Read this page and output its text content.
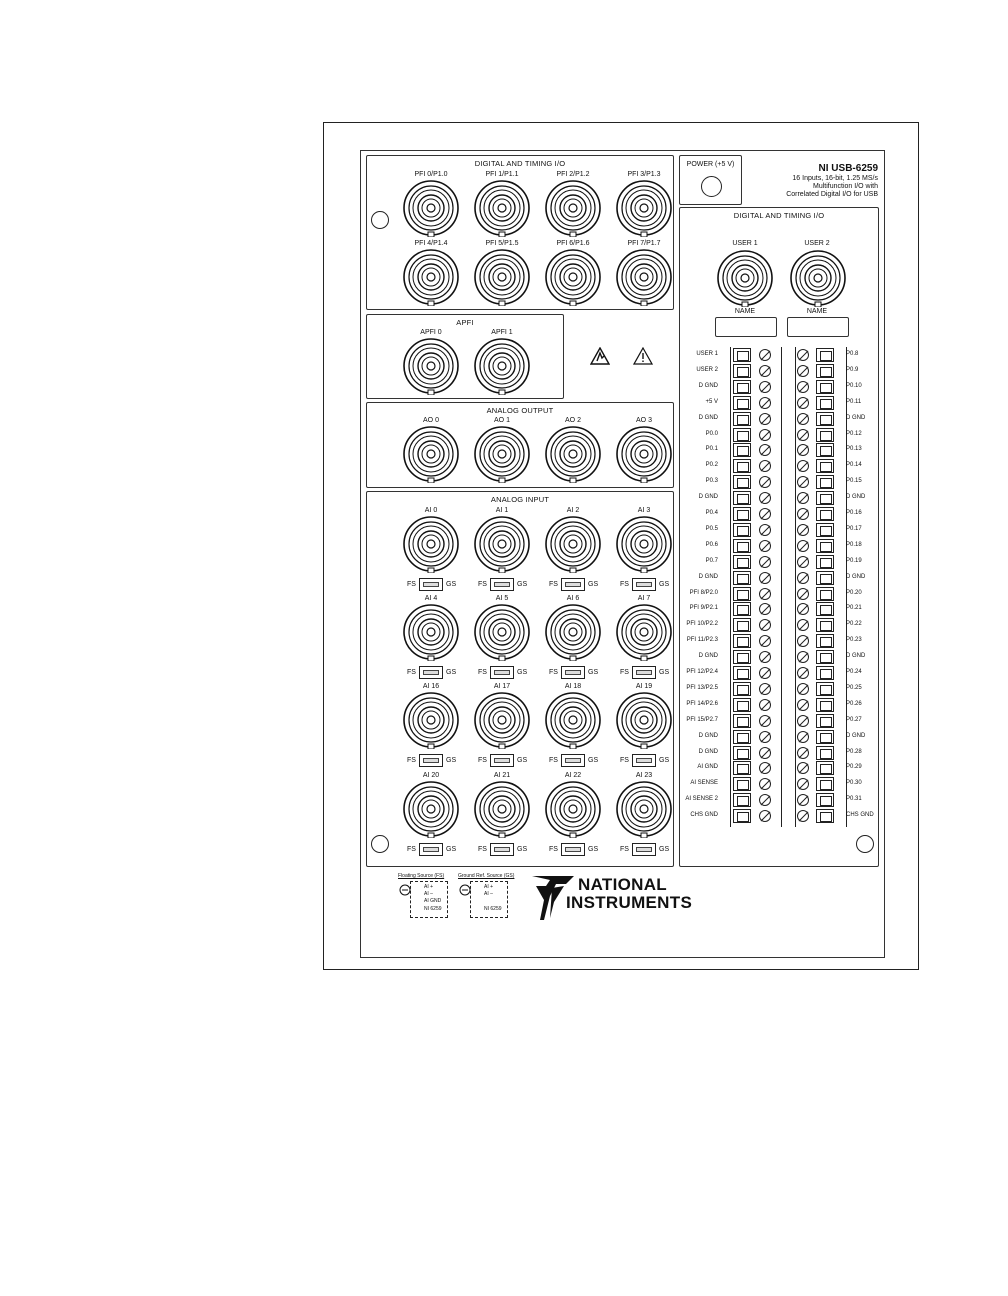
DIGITAL AND TIMING I/O	POWER (+5 V)	NI USB-6259
16 Inputs, 16-bit, 1.25 MS/s
Multifunction I/O with
Correlated Digital I/O for USB
APFI
ANALOG OUTPUT
ANALOG INPUT
DIGITAL AND TIMING I/O
USER 1	USER 2
NAME	NAME
Floating Source (FS)
AI +
AI –
AI GND
NI 6259
Ground Ref. Source (GS)
AI +
AI –
NI 6259
NATIONAL
INSTRUMENTS
PFI 0/P1.0	PFI 1/P1.1	PFI 2/P1.2	PFI 3/P1.3
PFI 4/P1.4	PFI 5/P1.5	PFI 6/P1.6	PFI 7/P1.7
APFI 0	APFI 1
AO 0	AO 1	AO 2	AO 3
AI 0
FS	GS
AI 1
FS	GS
AI 2
FS	GS
AI 3
FS	GS
AI 4
FS	GS
AI 5
FS	GS
AI 6
FS	GS
AI 7
FS	GS
AI 16
FS	GS
AI 17
FS	GS
AI 18
FS	GS
AI 19
FS	GS
AI 20
FS	GS
AI 21
FS	GS
AI 22
FS	GS
AI 23
FS	GS
USER 1	P0.8
USER 2	P0.9
D GND	P0.10
+5 V	P0.11
D GND	D GND
P0.0	P0.12
P0.1	P0.13
P0.2	P0.14
P0.3	P0.15
D GND	D GND
P0.4	P0.16
P0.5	P0.17
P0.6	P0.18
P0.7	P0.19
D GND	D GND
PFI 8/P2.0	P0.20
PFI 9/P2.1	P0.21
PFI 10/P2.2	P0.22
PFI 11/P2.3	P0.23
D GND	D GND
PFI 12/P2.4	P0.24
PFI 13/P2.5	P0.25
PFI 14/P2.6	P0.26
PFI 15/P2.7	P0.27
D GND	D GND
D GND	P0.28
AI GND	P0.29
AI SENSE	P0.30
AI SENSE 2	P0.31
CHS GND	CHS GND
